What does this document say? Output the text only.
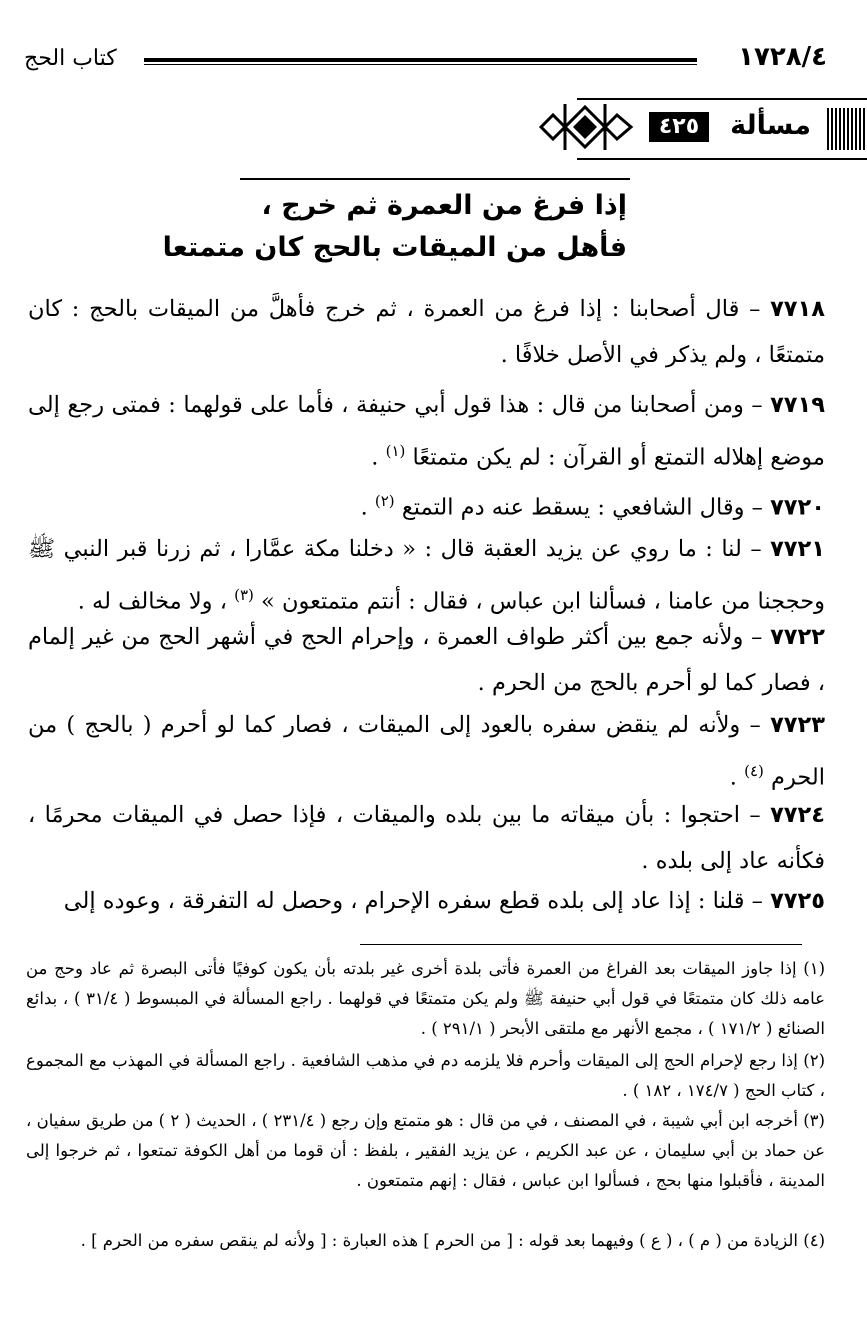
١٧٢٨/٤
كتاب الحج
مسألة
٤٢٥
إذا فرغ من العمرة ثم خرج ،
فأهل من الميقات بالحج كان متمتعا

٧٧١٨ – قال أصحابنا : إذا فرغ من العمرة ، ثم خرج فأهلَّ من الميقات بالحج : كان متمتعًا ، ولم يذكر في الأصل خلافًا .

٧٧١٩ – ومن أصحابنا من قال : هذا قول أبي حنيفة ، فأما على قولهما : فمتى رجع إلى موضع إهلاله التمتع أو القرآن : لم يكن متمتعًا $^{(١)}$ .

٧٧٢٠ – وقال الشافعي : يسقط عنه دم التمتع $^{(٢)}$ .

٧٧٢١ – لنا : ما روي عن يزيد العقبة قال : « دخلنا مكة عمَّارا ، ثم زرنا قبر النبي ﷺ وحججنا من عامنا ، فسألنا ابن عباس ، فقال : أنتم متمتعون » $^{(٣)}$ ، ولا مخالف له .

٧٧٢٢ – ولأنه جمع بين أكثر طواف العمرة ، وإحرام الحج في أشهر الحج من غير إلمام ، فصار كما لو أحرم بالحج من الحرم .

٧٧٢٣ – ولأنه لم ينقض سفره بالعود إلى الميقات ، فصار كما لو أحرم ( بالحج ) من الحرم $^{(٤)}$ .

٧٧٢٤ – احتجوا : بأن ميقاته ما بين بلده والميقات ، فإذا حصل في الميقات محرمًا ، فكأنه عاد إلى بلده .

٧٧٢٥ – قلنا : إذا عاد إلى بلده قطع سفره الإحرام ، وحصل له التفرقة ، وعوده إلى

(١) إذا جاوز الميقات بعد الفراغ من العمرة فأتى بلدة أخرى غير بلدته بأن يكون كوفيًا فأتى البصرة ثم عاد وحج من عامه ذلك كان متمتعًا في قول أبي حنيفة ﷺ ولم يكن متمتعًا في قولهما . راجع المسألة في المبسوط ( ٣١/٤ ) ، بدائع الصنائع ( ١٧١/٢ ) ، مجمع الأنهر مع ملتقى الأبحر ( ٢٩١/١ ) .

(٢) إذا رجع لإحرام الحج إلى الميقات وأحرم فلا يلزمه دم في مذهب الشافعية . راجع المسألة في المهذب مع المجموع ، كتاب الحج ( ١٧٤/٧ ، ١٨٢ ) .

(٣) أخرجه ابن أبي شيبة ، في المصنف ، في من قال : هو متمتع وإن رجع ( ٢٣١/٤ ) ، الحديث ( ٢ ) من طريق سفيان ، عن حماد بن أبي سليمان ، عن عبد الكريم ، عن يزيد الفقير ، بلفظ : أن قوما من أهل الكوفة تمتعوا ، ثم خرجوا إلى المدينة ، فأقبلوا منها بحج ، فسألوا ابن عباس ، فقال : إنهم متمتعون .

(٤) الزيادة من ( م ) ، ( ع ) وفيهما بعد قوله : [ من الحرم ] هذه العبارة : [ ولأنه لم ينقص سفره من الحرم ] .
